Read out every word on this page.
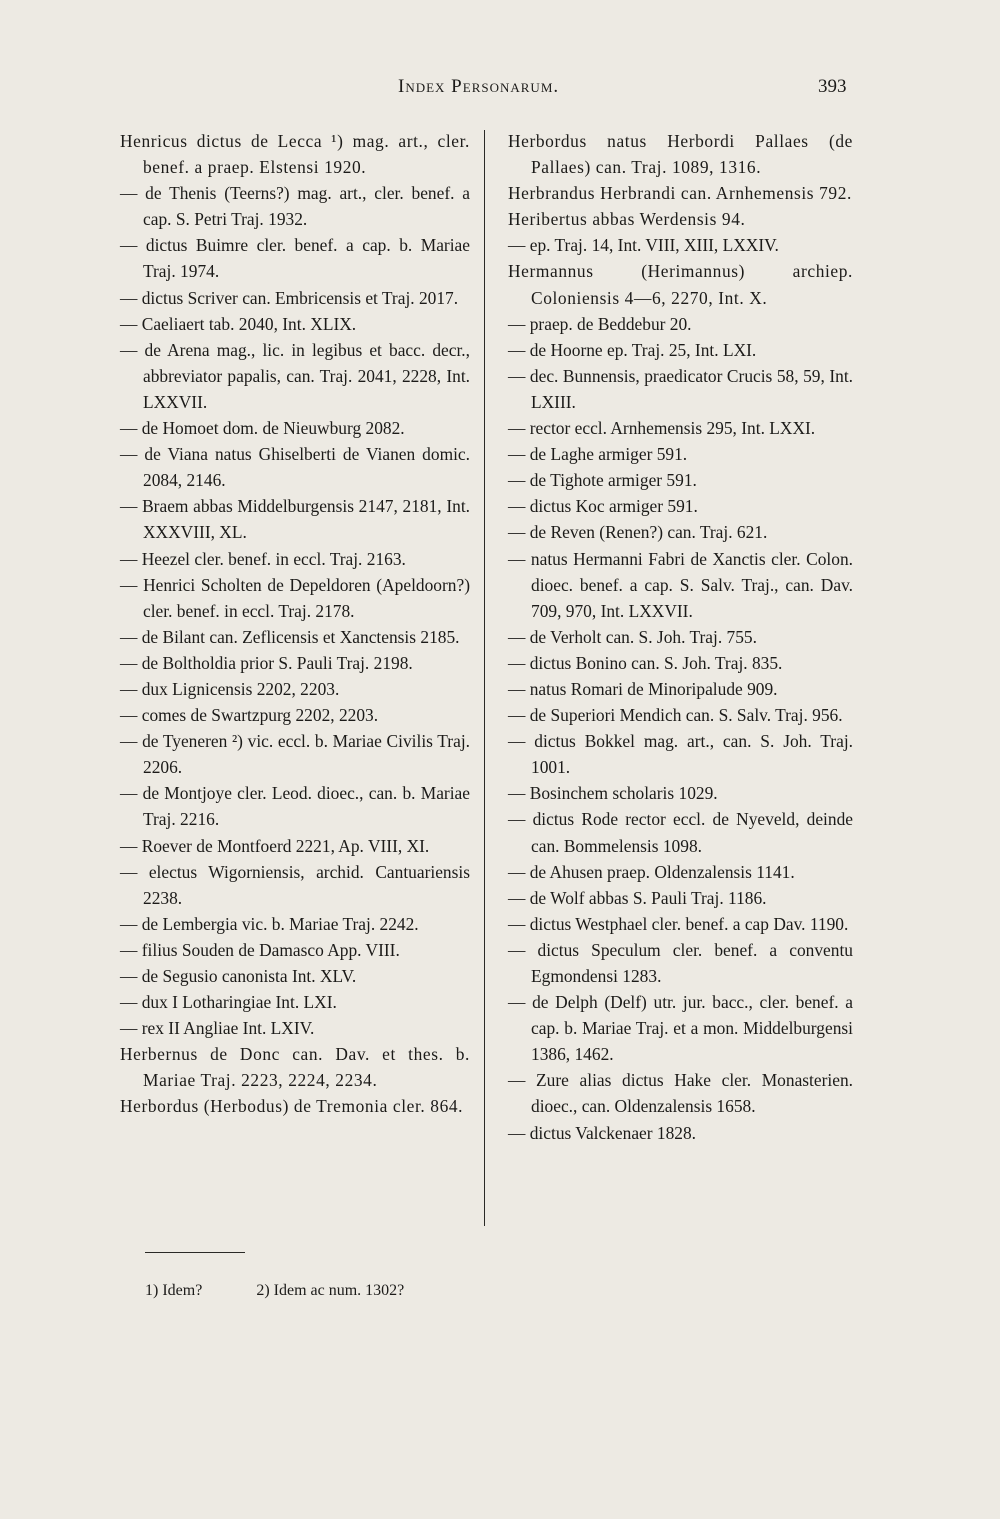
Index Personarum.	393
Henricus dictus de Lecca ¹) mag. art., cler. benef. a praep. Elstensi 1920.
— de Thenis (Teerns?) mag. art., cler. benef. a cap. S. Petri Traj. 1932.
— dictus Buimre cler. benef. a cap. b. Mariae Traj. 1974.
— dictus Scriver can. Embricensis et Traj. 2017.
— Caeliaert tab. 2040, Int. XLIX.
— de Arena mag., lic. in legibus et bacc. decr., abbreviator papalis, can. Traj. 2041, 2228, Int. LXXVII.
— de Homoet dom. de Nieuwburg 2082.
— de Viana natus Ghiselberti de Vianen domic. 2084, 2146.
— Braem abbas Middelburgensis 2147, 2181, Int. XXXVIII, XL.
— Heezel cler. benef. in eccl. Traj. 2163.
— Henrici Scholten de Depeldoren (Apeldoorn?) cler. benef. in eccl. Traj. 2178.
— de Bilant can. Zeflicensis et Xanctensis 2185.
— de Boltholdia prior S. Pauli Traj. 2198.
— dux Lignicensis 2202, 2203.
— comes de Swartzpurg 2202, 2203.
— de Tyeneren ²) vic. eccl. b. Mariae Civilis Traj. 2206.
— de Montjoye cler. Leod. dioec., can. b. Mariae Traj. 2216.
— Roever de Montfoerd 2221, Ap. VIII, XI.
— electus Wigorniensis, archid. Cantuariensis 2238.
— de Lembergia vic. b. Mariae Traj. 2242.
— filius Souden de Damasco App. VIII.
— de Segusio canonista Int. XLV.
— dux I Lotharingiae Int. LXI.
— rex II Angliae Int. LXIV.
Herbernus de Donc can. Dav. et thes. b. Mariae Traj. 2223, 2224, 2234.
Herbordus (Herbodus) de Tremonia cler. 864.
Herbordus natus Herbordi Pallaes (de Pallaes) can. Traj. 1089, 1316.
Herbrandus Herbrandi can. Arnhemensis 792.
Heribertus abbas Werdensis 94.
— ep. Traj. 14, Int. VIII, XIII, LXXIV.
Hermannus (Herimannus) archiep. Coloniensis 4—6, 2270, Int. X.
— praep. de Beddebur 20.
— de Hoorne ep. Traj. 25, Int. LXI.
— dec. Bunnensis, praedicator Crucis 58, 59, Int. LXIII.
— rector eccl. Arnhemensis 295, Int. LXXI.
— de Laghe armiger 591.
— de Tighote armiger 591.
— dictus Koc armiger 591.
— de Reven (Renen?) can. Traj. 621.
— natus Hermanni Fabri de Xanctis cler. Colon. dioec. benef. a cap. S. Salv. Traj., can. Dav. 709, 970, Int. LXXVII.
— de Verholt can. S. Joh. Traj. 755.
— dictus Bonino can. S. Joh. Traj. 835.
— natus Romari de Minoripalude 909.
— de Superiori Mendich can. S. Salv. Traj. 956.
— dictus Bokkel mag. art., can. S. Joh. Traj. 1001.
— Bosinchem scholaris 1029.
— dictus Rode rector eccl. de Nyeveld, deinde can. Bommelensis 1098.
— de Ahusen praep. Oldenzalensis 1141.
— de Wolf abbas S. Pauli Traj. 1186.
— dictus Westphael cler. benef. a cap Dav. 1190.
— dictus Speculum cler. benef. a conventu Egmondensi 1283.
— de Delph (Delf) utr. jur. bacc., cler. benef. a cap. b. Mariae Traj. et a mon. Middelburgensi 1386, 1462.
— Zure alias dictus Hake cler. Monasterien. dioec., can. Oldenzalensis 1658.
— dictus Valckenaer 1828.
1) Idem?	2) Idem ac num. 1302?
